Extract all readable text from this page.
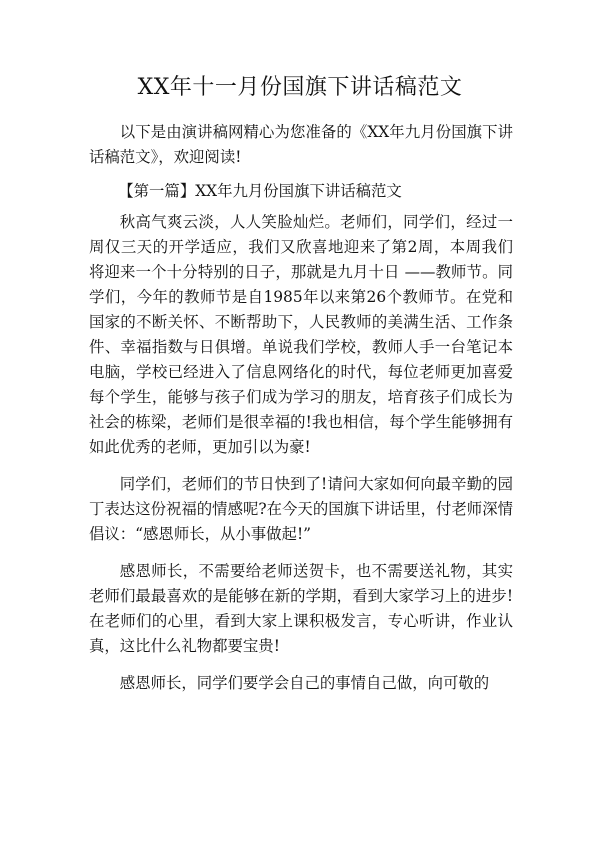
XX年十一月份国旗下讲话稿范文

以下是由演讲稿网精心为您准备的《XX年九月份国旗下讲话稿范文》，欢迎阅读!

【第一篇】XX年九月份国旗下讲话稿范文

秋高气爽云淡，人人笑脸灿烂。老师们，同学们，经过一周仅三天的开学适应，我们又欣喜地迎来了第2周，本周我们将迎来一个十分特别的日子，那就是九月十日 ——教师节。同学们，今年的教师节是自1985年以来第26个教师节。在党和国家的不断关怀、不断帮助下，人民教师的美满生活、工作条件、幸福指数与日俱增。单说我们学校，教师人手一台笔记本电脑，学校已经进入了信息网络化的时代，每位老师更加喜爱每个学生，能够与孩子们成为学习的朋友，培育孩子们成长为社会的栋梁，老师们是很幸福的!我也相信，每个学生能够拥有如此优秀的老师，更加引以为豪!

同学们，老师们的节日快到了!请问大家如何向最辛勤的园丁表达这份祝福的情感呢?在今天的国旗下讲话里，付老师深情倡议：“感恩师长，从小事做起!”

感恩师长，不需要给老师送贺卡，也不需要送礼物，其实老师们最最喜欢的是能够在新的学期，看到大家学习上的进步!在老师们的心里，看到大家上课积极发言，专心听讲，作业认真，这比什么礼物都要宝贵!

感恩师长，同学们要学会自己的事情自己做，向可敬的
